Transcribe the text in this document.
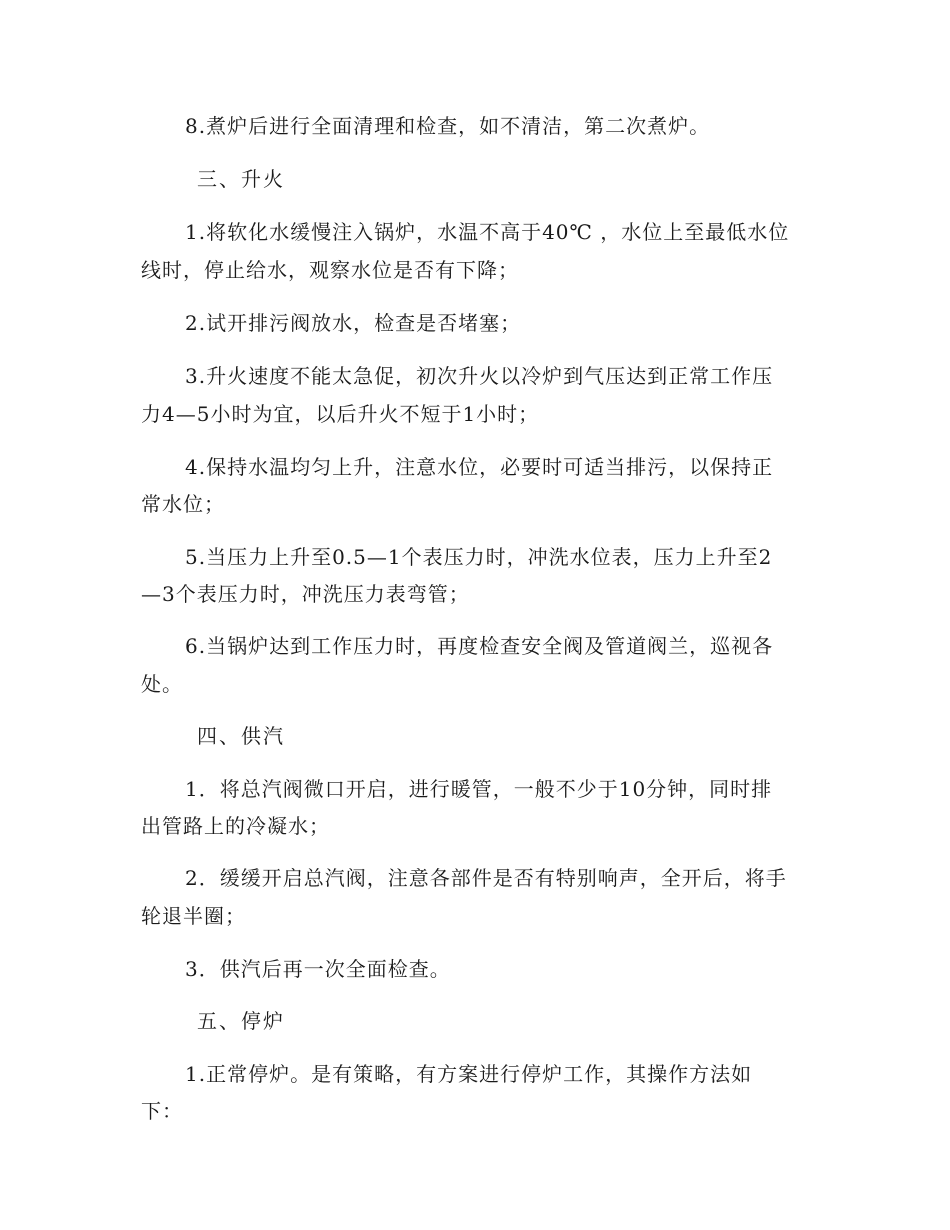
8.煮炉后进行全面清理和检查，如不清洁，第二次煮炉。
三、升火
1.将软化水缓慢注入锅炉，水温不高于40℃ ，水位上至最低水位
线时，停止给水，观察水位是否有下降；
2.试开排污阀放水，检查是否堵塞；
3.升火速度不能太急促，初次升火以冷炉到气压达到正常工作压
力4—5小时为宜，以后升火不短于1小时；
4.保持水温均匀上升，注意水位，必要时可适当排污，以保持正
常水位；
5.当压力上升至0.5—1个表压力时，冲洗水位表，压力上升至2
—3个表压力时，冲洗压力表弯管；
6.当锅炉达到工作压力时，再度检查安全阀及管道阀兰，巡视各
处。
四、供汽
1．将总汽阀微口开启，进行暖管，一般不少于10分钟，同时排
出管路上的冷凝水；
2．缓缓开启总汽阀，注意各部件是否有特别响声，全开后，将手
轮退半圈；
3．供汽后再一次全面检查。
五、停炉
1.正常停炉。是有策略，有方案进行停炉工作，其操作方法如
下：
